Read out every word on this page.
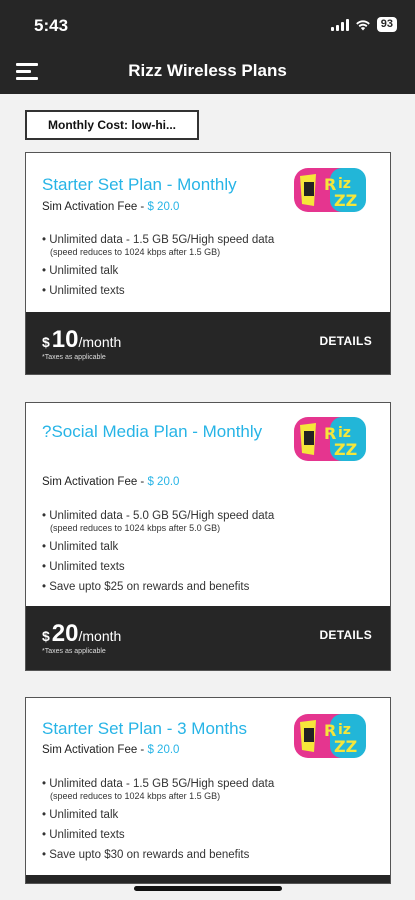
5:43	93
Rizz Wireless Plans
Monthly Cost: low-hi...
Starter Set Plan - Monthly
Sim Activation Fee - $ 20.0
R iz
ZZ
• Unlimited data - 1.5 GB 5G/High speed data
(speed reduces to 1024 kbps after 1.5 GB)
• Unlimited talk
• Unlimited texts
$ 10 /month
*Taxes as applicable
DETAILS
?Social Media Plan - Monthly
Sim Activation Fee - $ 20.0
R iz
ZZ
• Unlimited data - 5.0 GB 5G/High speed data
(speed reduces to 1024 kbps after 5.0 GB)
• Unlimited talk
• Unlimited texts
• Save upto $25 on rewards and benefits
$ 20 /month
*Taxes as applicable
DETAILS
Starter Set Plan - 3 Months
Sim Activation Fee - $ 20.0
R iz
ZZ
• Unlimited data - 1.5 GB 5G/High speed data
(speed reduces to 1024 kbps after 1.5 GB)
• Unlimited talk
• Unlimited texts
• Save upto $30 on rewards and benefits
